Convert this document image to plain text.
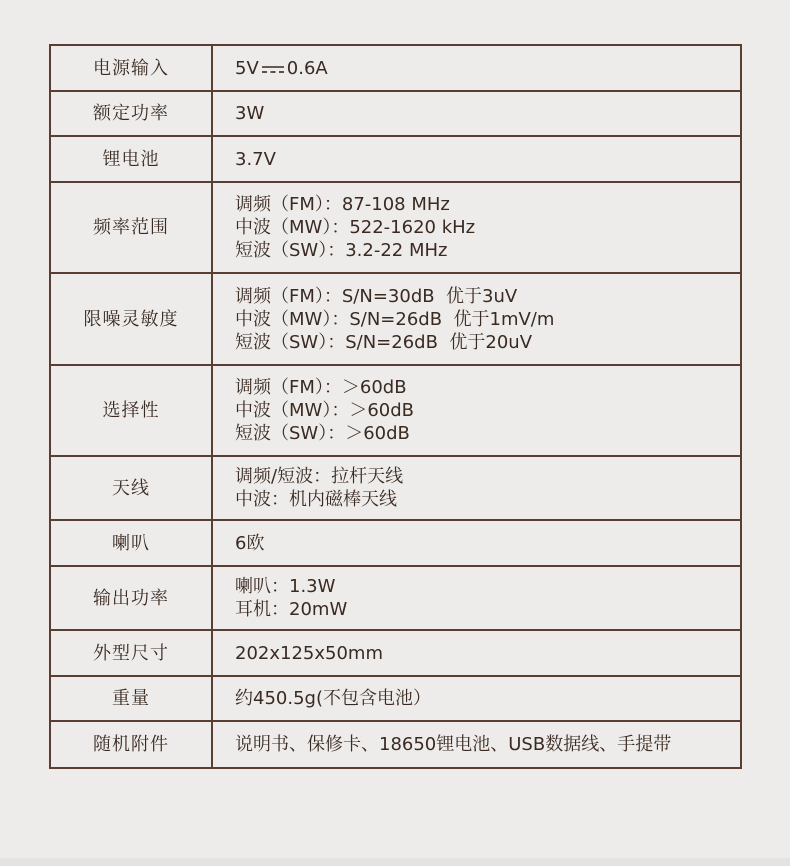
电源输入	5V 0.6A
额定功率	3W
锂电池	3.7V
频率范围	调频（FM）：87-108 MHz
中波（MW）：522-1620 kHz
短波（SW）：3.2-22 MHz

限噪灵敏度	调频（FM）：S/N=30dB  优于3uV
中波（MW）：S/N=26dB  优于1mV/m
短波（SW）：S/N=26dB  优于20uV

选择性	调频（FM）：＞60dB
中波（MW）：＞60dB
短波（SW）：＞60dB

天线	调频/短波：拉杆天线
中波：机内磁棒天线

喇叭	6欧
输出功率	喇叭：1.3W
耳机：20mW

外型尺寸	202x125x50mm
重量	约450.5g(不包含电池）
随机附件	说明书、保修卡、18650锂电池、USB数据线、手提带
